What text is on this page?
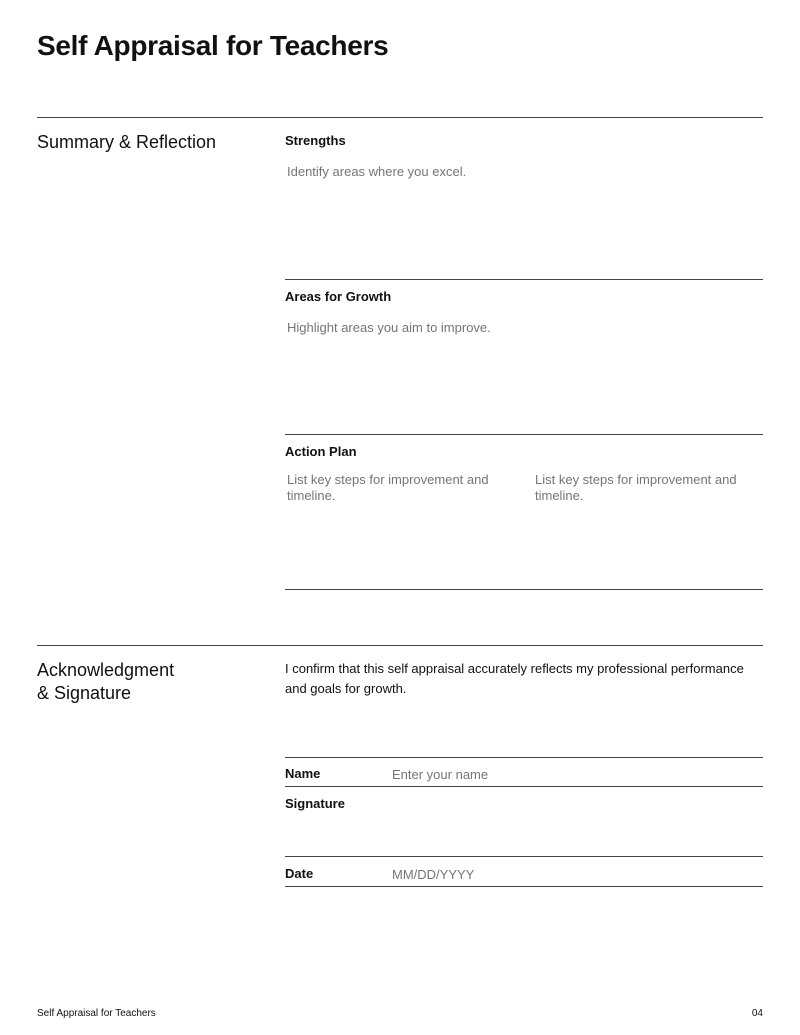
Self Appraisal for Teachers
Summary & Reflection	Strengths
Identify areas where you excel.
Areas for Growth
Highlight areas you aim to improve.
Action Plan
List key steps for improvement and timeline.
List key steps for improvement and timeline.
Acknowledgment
& Signature
I confirm that this self appraisal accurately reflects my professional performance and goals for growth.
Name
Enter your name
Signature
Date
MM/DD/YYYY
Self Appraisal for Teachers	04
